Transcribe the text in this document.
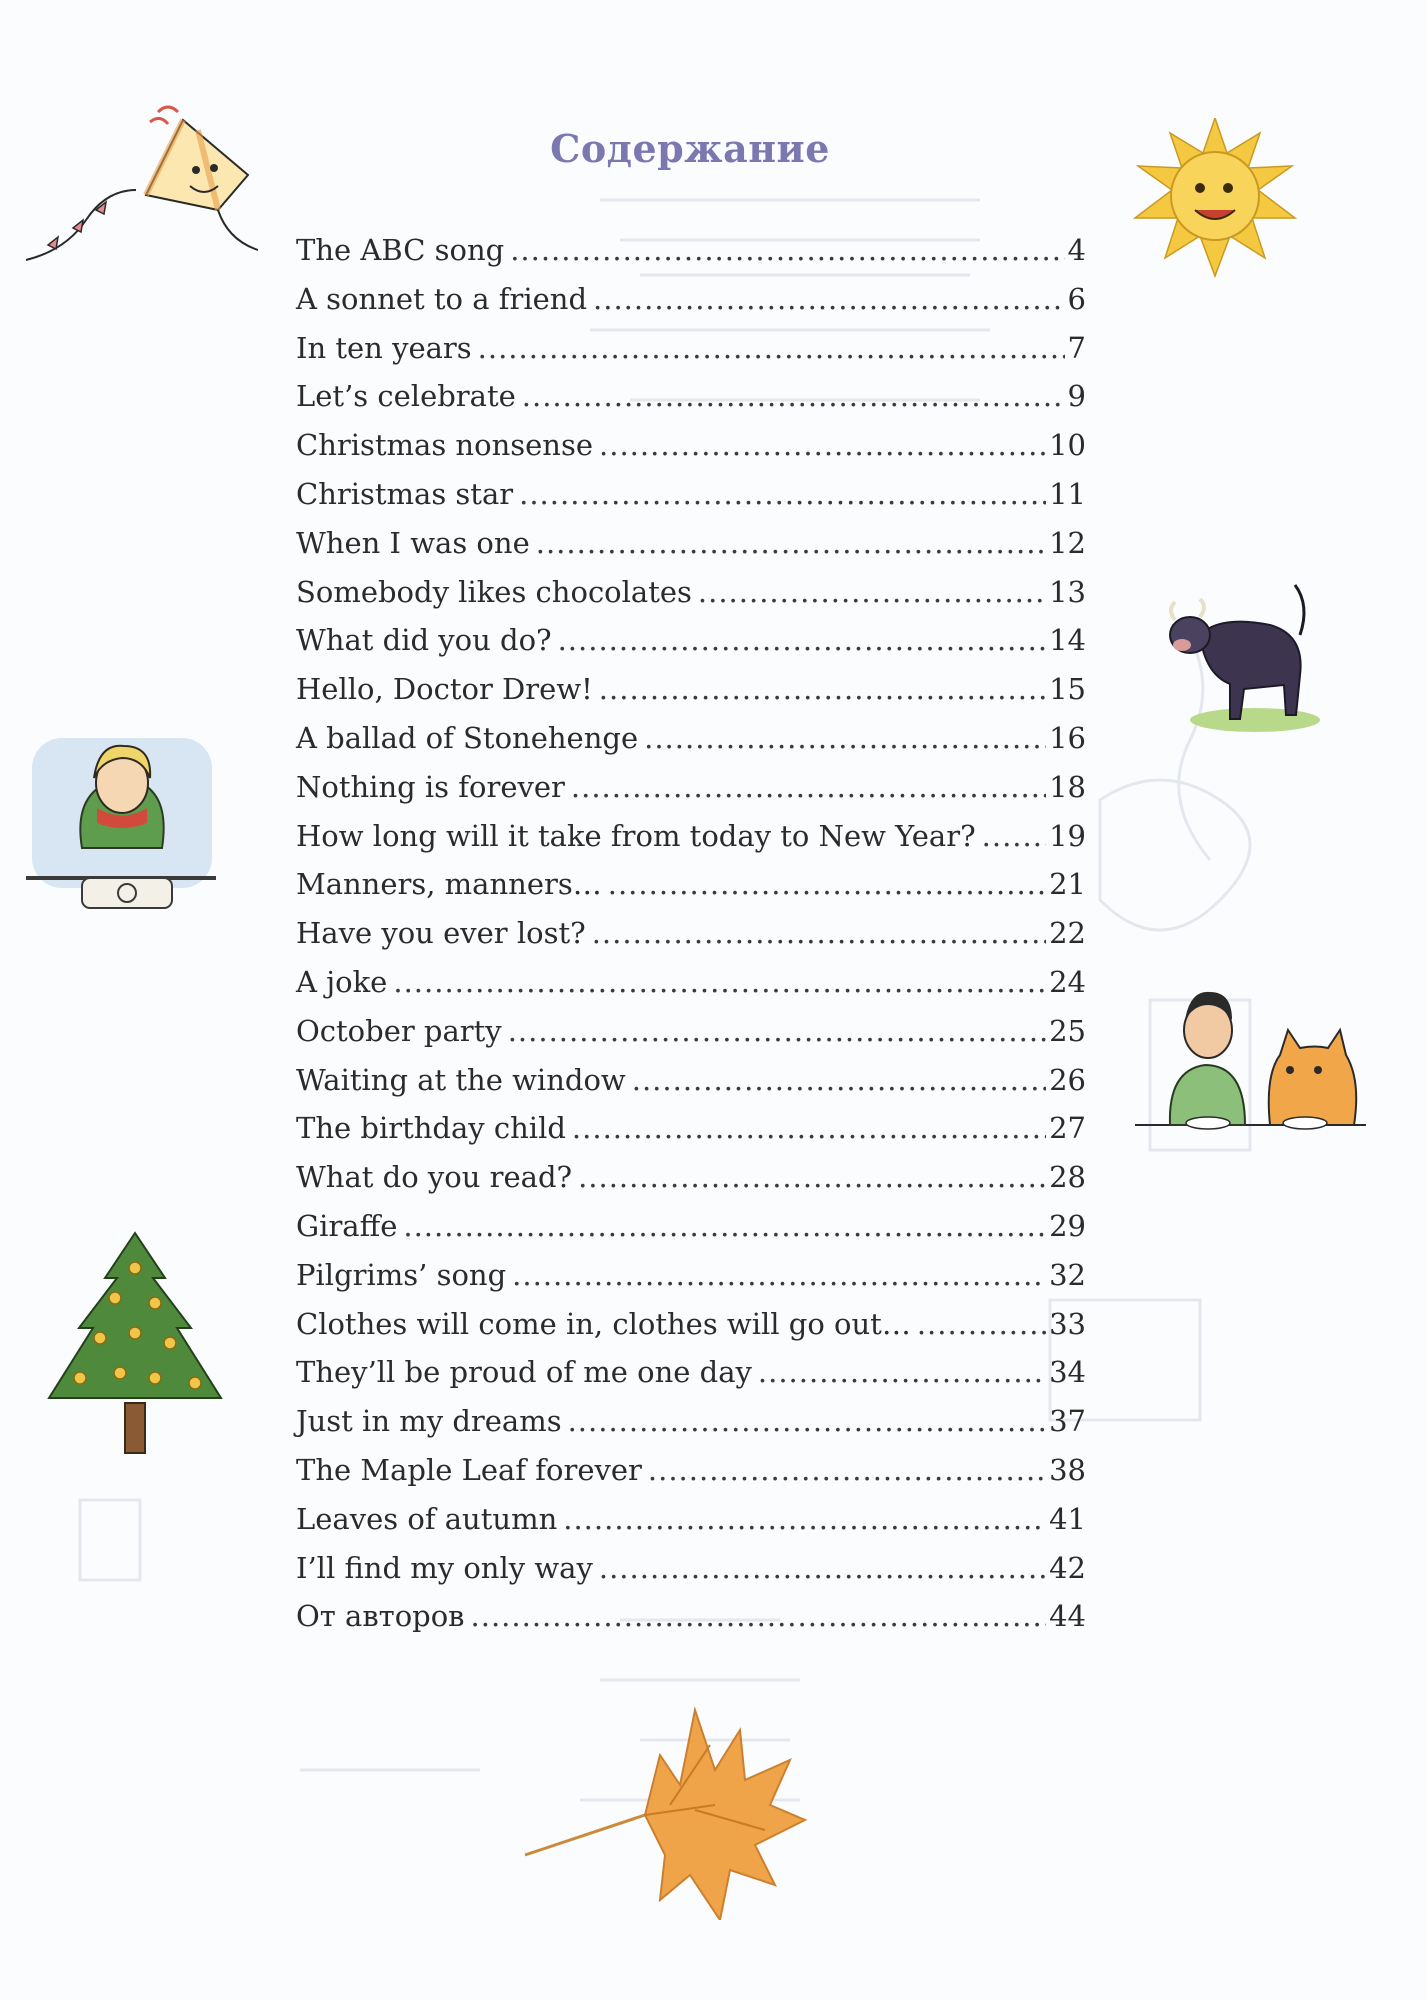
Содержание
The ABC song .....	4
A sonnet to a friend .....	6
In ten years .....	7
Let’s celebrate .....	9
Christmas nonsense .....	10
Christmas star .....	11
When I was one .....	12
Somebody likes chocolates .....	13
What did you do? .....	14
Hello, Doctor Drew! .....	15
A ballad of Stonehenge .....	16
Nothing is forever .....	18
How long will it take from today to New Year? .....	19
Manners, manners… .....	21
Have you ever lost? .....	22
A joke .....	24
October party .....	25
Waiting at the window .....	26
The birthday child .....	27
What do you read? .....	28
Giraffe .....	29
Pilgrims’ song .....	32
Clothes will come in, clothes will go out… .....	33
They’ll be proud of me one day .....	34
Just in my dreams .....	37
The Maple Leaf forever .....	38
Leaves of autumn .....	41
I’ll find my only way .....	42
От авторов .....	44
